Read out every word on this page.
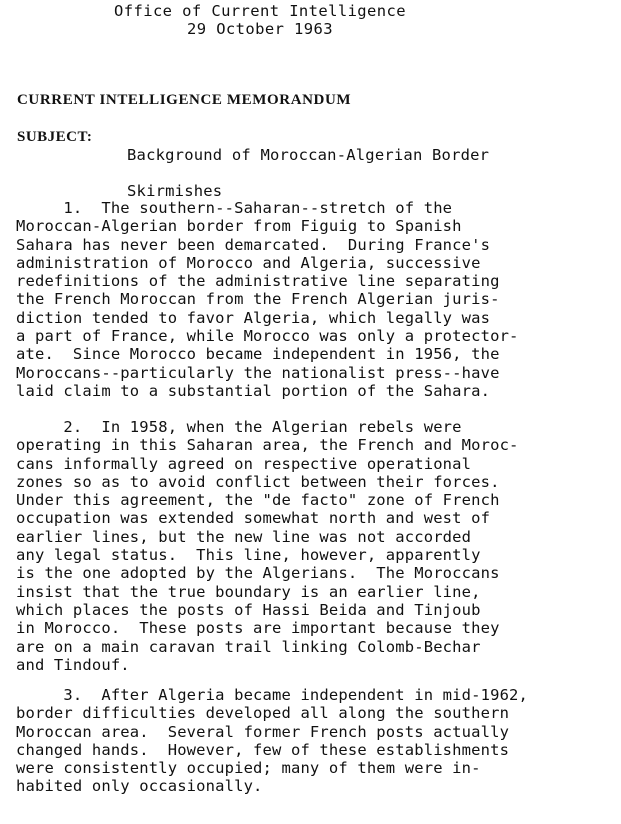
Office of Current Intelligence
29 October 1963
CURRENT INTELLIGENCE MEMORANDUM
SUBJECT:

Background of Moroccan-Algerian Border

Skirmishes

1.  The southern--Saharan--stretch of the
Moroccan-Algerian border from Figuig to Spanish
Sahara has never been demarcated.  During France's
administration of Morocco and Algeria, successive
redefinitions of the administrative line separating
the French Moroccan from the French Algerian juris-
diction tended to favor Algeria, which legally was
a part of France, while Morocco was only a protector-
ate.  Since Morocco became independent in 1956, the
Moroccans--particularly the nationalist press--have
laid claim to a substantial portion of the Sahara.
2.  In 1958, when the Algerian rebels were
operating in this Saharan area, the French and Moroc-
cans informally agreed on respective operational
zones so as to avoid conflict between their forces.
Under this agreement, the "de facto" zone of French
occupation was extended somewhat north and west of
earlier lines, but the new line was not accorded
any legal status.  This line, however, apparently
is the one adopted by the Algerians.  The Moroccans
insist that the true boundary is an earlier line,
which places the posts of Hassi Beida and Tinjoub
in Morocco.  These posts are important because they
are on a main caravan trail linking Colomb-Bechar
and Tindouf.
3.  After Algeria became independent in mid-1962,
border difficulties developed all along the southern
Moroccan area.  Several former French posts actually
changed hands.  However, few of these establishments
were consistently occupied; many of them were in-
habited only occasionally.
